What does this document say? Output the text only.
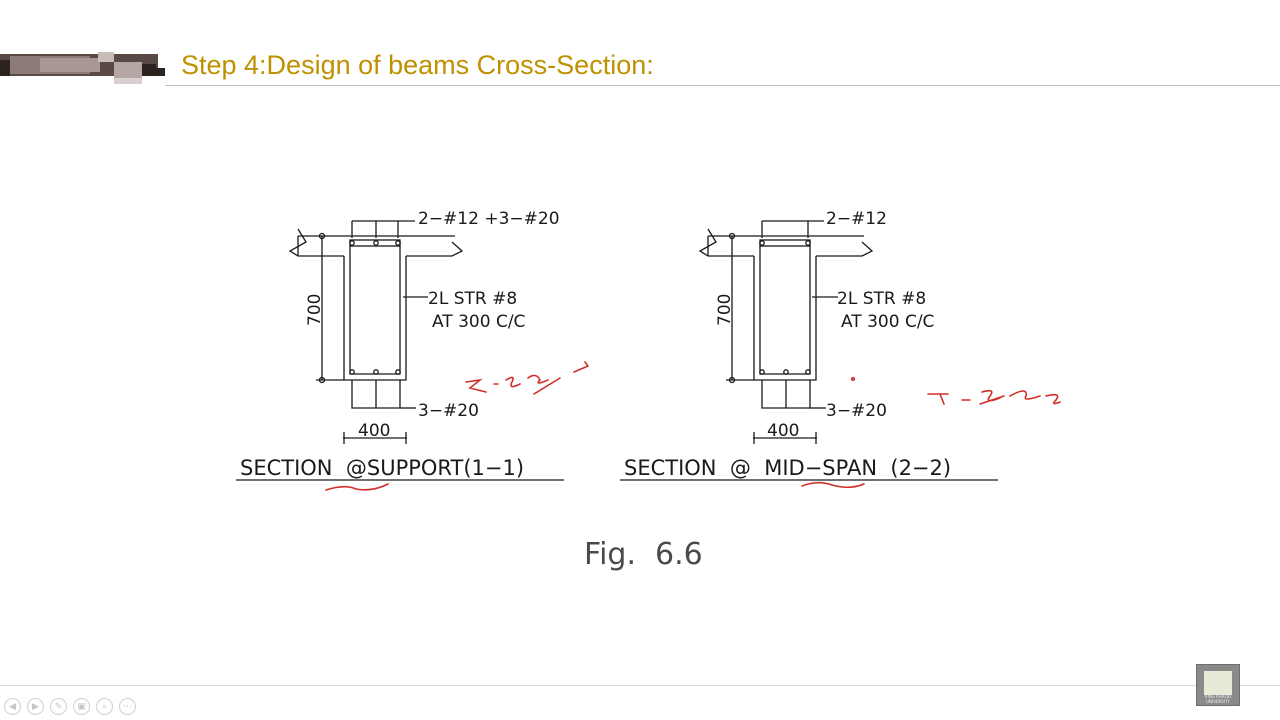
Step 4:Design of beams Cross-Section:
2−#12 +3−#20
2L STR #8
AT 300 C/C
3−#20
400
700
SECTION  @SUPPORT(1−1)
2−#12
2L STR #8
AT 300 C/C
3−#20
400
700
SECTION  @  MID−SPAN  (2−2)
Fig.  6.6
◀	▶	✎	▣	⌕	⋯
KING KHALID UNIVERSITY
